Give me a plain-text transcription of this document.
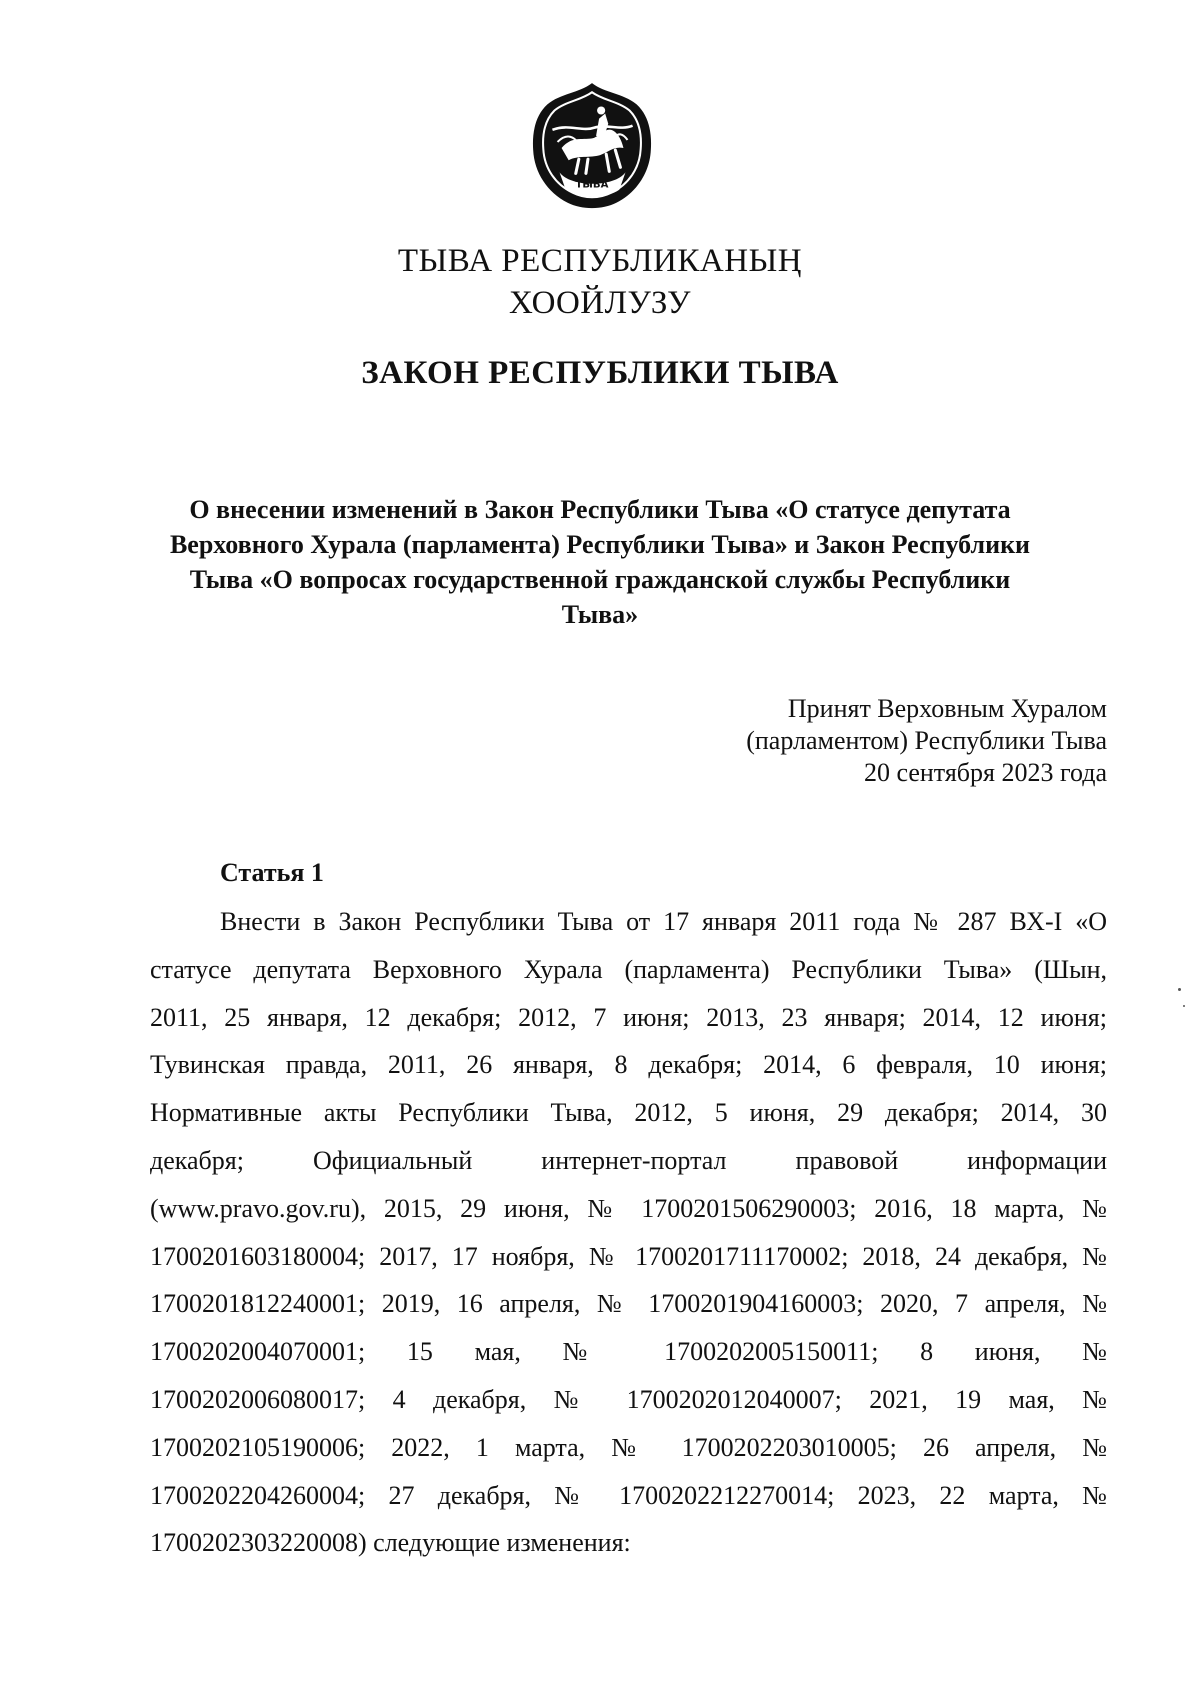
ТЫВА
ТЫВА РЕСПУБЛИКАНЫҢ
ХООЙЛУЗУ
ЗАКОН РЕСПУБЛИКИ ТЫВА
О внесении изменений в Закон Республики Тыва «О статусе депутата
Верховного Хурала (парламента) Республики Тыва» и Закон Республики
Тыва «О вопросах государственной гражданской службы Республики
Тыва»
Принят Верховным Хуралом
(парламентом) Республики Тыва
20 сентября 2023 года
Статья 1
Внести в Закон Республики Тыва от 17 января 2011 года № 287 ВХ-I «О
статусе депутата Верховного Хурала (парламента) Республики Тыва» (Шын,
2011, 25 января, 12 декабря; 2012, 7 июня; 2013, 23 января; 2014, 12 июня;
Тувинская правда, 2011, 26 января, 8 декабря; 2014, 6 февраля, 10 июня;
Нормативные акты Республики Тыва, 2012, 5 июня, 29 декабря; 2014, 30
декабря; Официальный интернет-портал правовой информации
(www.pravo.gov.ru), 2015, 29 июня, № 1700201506290003; 2016, 18 марта, №
1700201603180004; 2017, 17 ноября, № 1700201711170002; 2018, 24 декабря, №
1700201812240001; 2019, 16 апреля, № 1700201904160003; 2020, 7 апреля, №
1700202004070001; 15 мая, № 1700202005150011; 8 июня, №
1700202006080017; 4 декабря, № 1700202012040007; 2021, 19 мая, №
1700202105190006; 2022, 1 марта, № 1700202203010005; 26 апреля, №
1700202204260004; 27 декабря, № 1700202212270014; 2023, 22 марта, №
1700202303220008) следующие изменения:
